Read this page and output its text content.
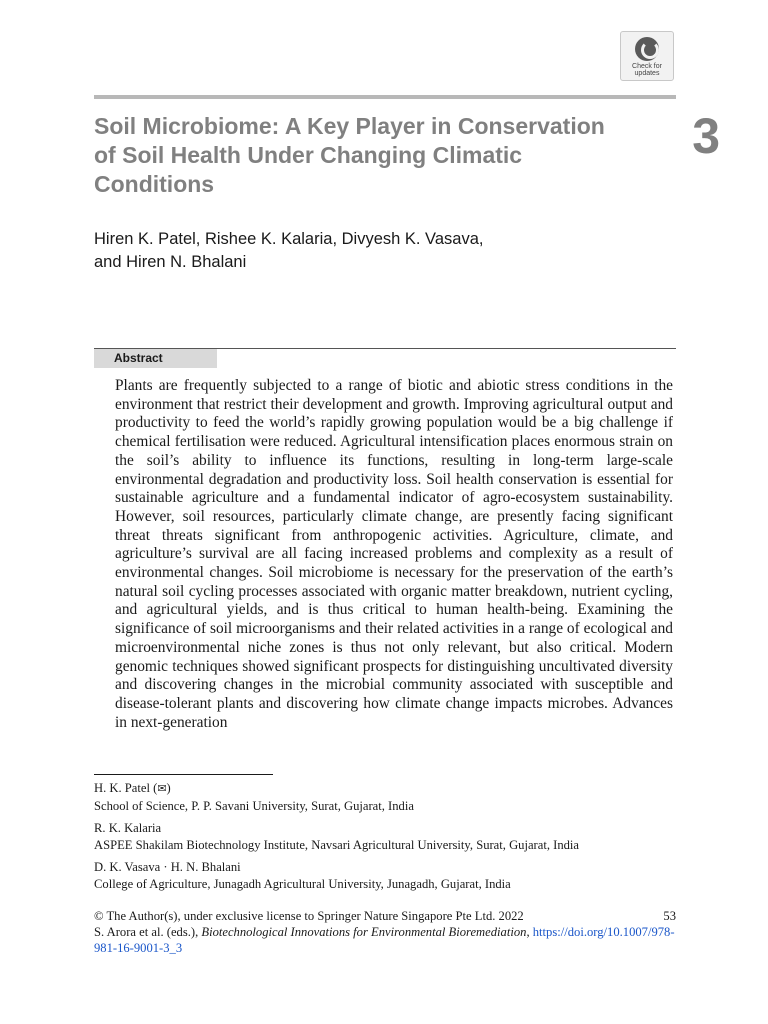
Check for
updates
Soil Microbiome: A Key Player in Conservation of Soil Health Under Changing Climatic Conditions
3
Hiren K. Patel, Rishee K. Kalaria, Divyesh K. Vasava,
and Hiren N. Bhalani
Abstract
Plants are frequently subjected to a range of biotic and abiotic stress conditions in the environment that restrict their development and growth. Improving agricultural output and productivity to feed the world’s rapidly growing population would be a big challenge if chemical fertilisation were reduced. Agricultural intensification places enormous strain on the soil’s ability to influence its functions, resulting in long-term large-scale environmental degradation and productivity loss. Soil health conservation is essential for sustainable agriculture and a fundamental indicator of agro-ecosystem sustainability. However, soil resources, particularly climate change, are presently facing significant threat threats significant from anthropogenic activities. Agriculture, climate, and agriculture’s survival are all facing increased problems and complexity as a result of environmental changes. Soil microbiome is necessary for the preservation of the earth’s natural soil cycling processes associated with organic matter breakdown, nutrient cycling, and agricultural yields, and is thus critical to human health-being. Examining the significance of soil microorganisms and their related activities in a range of ecological and microenvironmental niche zones is thus not only relevant, but also critical. Modern genomic techniques showed significant prospects for distinguishing uncultivated diversity and discovering changes in the microbial community associated with susceptible and disease-tolerant plants and discovering how climate change impacts microbes. Advances in next-generation
H. K. Patel (✉)
School of Science, P. P. Savani University, Surat, Gujarat, India
R. K. Kalaria
ASPEE Shakilam Biotechnology Institute, Navsari Agricultural University, Surat, Gujarat, India
D. K. Vasava · H. N. Bhalani
College of Agriculture, Junagadh Agricultural University, Junagadh, Gujarat, India
© The Author(s), under exclusive license to Springer Nature Singapore Pte Ltd. 2022	53
S. Arora et al. (eds.), Biotechnological Innovations for Environmental Bioremediation, https://doi.org/10.1007/978-981-16-9001-3_3
